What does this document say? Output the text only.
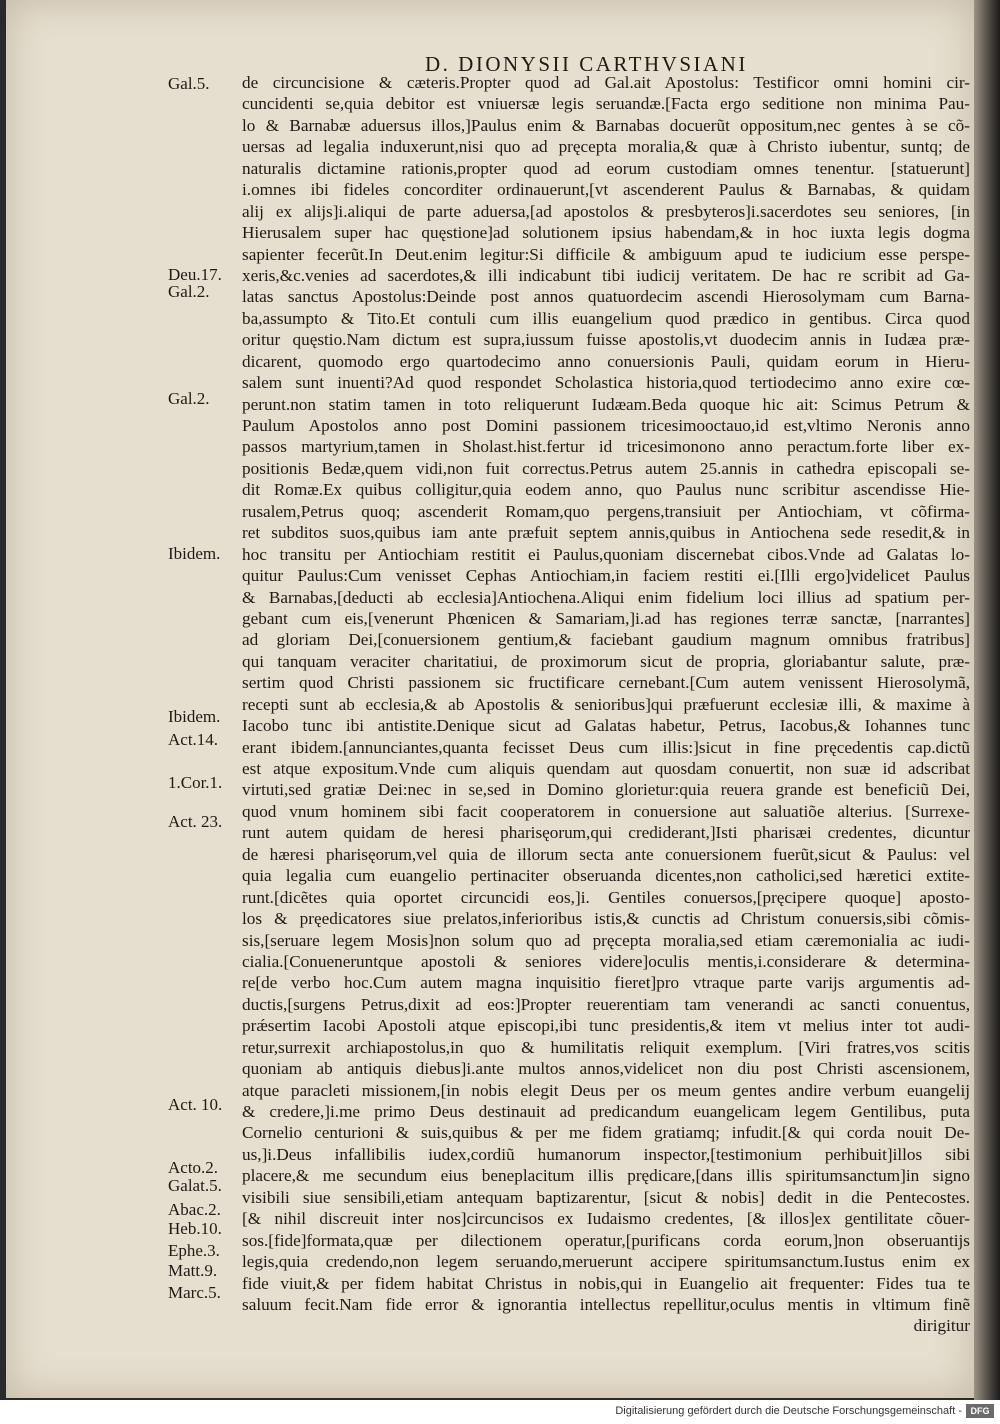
D. DIONYSII CARTHVSIANI
Gal.5.
Deu.17.
Gal.2.
Gal.2.
Ibidem.
Ibidem.
Act.14.
1.Cor.1.
Act. 23.
Act. 10.
Acto.2.
Galat.5.
Abac.2.
Heb.10.
Ephe.3.
Matt.9.
Marc.5.
de circuncisione & cæteris.Propter quod ad Gal.ait Apostolus: Testificor omni homini cir-
cuncidenti se,quia debitor est vniuersæ legis seruandæ.[Facta ergo seditione non minima Pau-
lo & Barnabæ aduersus illos,]Paulus enim & Barnabas docuerũt oppositum,nec gentes à se cõ-
uersas ad legalia induxerunt,nisi quo ad pręcepta moralia,& quæ à Christo iubentur, suntq; de
naturalis dictamine rationis,propter quod ad eorum custodiam omnes tenentur. [statuerunt]
i.omnes ibi fideles concorditer ordinauerunt,[vt ascenderent Paulus & Barnabas, & quidam
alij ex alijs]i.aliqui de parte aduersa,[ad apostolos & presbyteros]i.sacerdotes seu seniores, [in
Hierusalem super hac quęstione]ad solutionem ipsius habendam,& in hoc iuxta legis dogma
sapienter fecerũt.In Deut.enim legitur:Si difficile & ambiguum apud te iudicium esse perspe-
xeris,&c.venies ad sacerdotes,& illi indicabunt tibi iudicij veritatem. De hac re scribit ad Ga-
latas sanctus Apostolus:Deinde post annos quatuordecim ascendi Hierosolymam cum Barna-
ba,assumpto & Tito.Et contuli cum illis euangelium quod prædico in gentibus. Circa quod
oritur quęstio.Nam dictum est supra,iussum fuisse apostolis,vt duodecim annis in Iudæa præ-
dicarent, quomodo ergo quartodecimo anno conuersionis Pauli, quidam eorum in Hieru-
salem sunt inuenti?Ad quod respondet Scholastica historia,quod tertiodecimo anno exire cœ-
perunt.non statim tamen in toto reliquerunt Iudæam.Beda quoque hic ait: Scimus Petrum &
Paulum Apostolos anno post Domini passionem tricesimooctauo,id est,vltimo Neronis anno
passos martyrium,tamen in Sholast.hist.fertur id tricesimonono anno peractum.forte liber ex-
positionis Bedæ,quem vidi,non fuit correctus.Petrus autem 25.annis in cathedra episcopali se-
dit Romæ.Ex quibus colligitur,quia eodem anno, quo Paulus nunc scribitur ascendisse Hie-
rusalem,Petrus quoq; ascenderit Romam,quo pergens,transiuit per Antiochiam, vt cõfirma-
ret subditos suos,quibus iam ante præfuit septem annis,quibus in Antiochena sede resedit,& in
hoc transitu per Antiochiam restitit ei Paulus,quoniam discernebat cibos.Vnde ad Galatas lo-
quitur Paulus:Cum venisset Cephas Antiochiam,in faciem restiti ei.[Illi ergo]videlicet Paulus
& Barnabas,[deducti ab ecclesia]Antiochena.Aliqui enim fidelium loci illius ad spatium per-
gebant cum eis,[venerunt Phœnicen & Samariam,]i.ad has regiones terræ sanctæ, [narrantes]
ad gloriam Dei,[conuersionem gentium,& faciebant gaudium magnum omnibus fratribus]
qui tanquam veraciter charitatiui, de proximorum sicut de propria, gloriabantur salute, præ-
sertim quod Christi passionem sic fructificare cernebant.[Cum autem venissent Hierosolymã,
recepti sunt ab ecclesia,& ab Apostolis & senioribus]qui præfuerunt ecclesiæ illi, & maxime à
Iacobo tunc ibi antistite.Denique sicut ad Galatas habetur, Petrus, Iacobus,& Iohannes tunc
erant ibidem.[annunciantes,quanta fecisset Deus cum illis:]sicut in fine pręcedentis cap.dictũ
est atque expositum.Vnde cum aliquis quendam aut quosdam conuertit, non suæ id adscribat
virtuti,sed gratiæ Dei:nec in se,sed in Domino glorietur:quia reuera grande est beneficiũ Dei,
quod vnum hominem sibi facit cooperatorem in conuersione aut saluatiõe alterius. [Surrexe-
runt autem quidam de heresi pharisęorum,qui crediderant,]Isti pharisæi credentes, dicuntur
de hæresi pharisęorum,vel quia de illorum secta ante conuersionem fuerũt,sicut & Paulus: vel
quia legalia cum euangelio pertinaciter obseruanda dicentes,non catholici,sed hæretici extite-
runt.[dicẽtes quia oportet circuncidi eos,]i. Gentiles conuersos,[pręcipere quoque] aposto-
los & pręedicatores siue prelatos,inferioribus istis,& cunctis ad Christum conuersis,sibi cõmis-
sis,[seruare legem Mosis]non solum quo ad pręcepta moralia,sed etiam cæremonialia ac iudi-
cialia.[Conueneruntque apostoli & seniores videre]oculis mentis,i.considerare & determina-
re[de verbo hoc.Cum autem magna inquisitio fieret]pro vtraque parte varijs argumentis ad-
ductis,[surgens Petrus,dixit ad eos:]Propter reuerentiam tam venerandi ac sancti conuentus,
prǽsertim Iacobi Apostoli atque episcopi,ibi tunc presidentis,& item vt melius inter tot audi-
retur,surrexit archiapostolus,in quo & humilitatis reliquit exemplum. [Viri fratres,vos scitis
quoniam ab antiquis diebus]i.ante multos annos,videlicet non diu post Christi ascensionem,
atque paracleti missionem,[in nobis elegit Deus per os meum gentes andire verbum euangelij
& credere,]i.me primo Deus destinauit ad predicandum euangelicam legem Gentilibus, puta
Cornelio centurioni & suis,quibus & per me fidem gratiamq; infudit.[& qui corda nouit De-
us,]i.Deus infallibilis iudex,cordiũ humanorum inspector,[testimonium perhibuit]illos sibi
placere,& me secundum eius beneplacitum illis prędicare,[dans illis spiritumsanctum]in signo
visibili siue sensibili,etiam antequam baptizarentur, [sicut & nobis] dedit in die Pentecostes.
[& nihil discreuit inter nos]circuncisos ex Iudaismo credentes, [& illos]ex gentilitate cõuer-
sos.[fide]formata,quæ per dilectionem operatur,[purificans corda eorum,]non obseruantijs
legis,quia credendo,non legem seruando,meruerunt accipere spiritumsanctum.Iustus enim ex
fide viuit,& per fidem habitat Christus in nobis,qui in Euangelio ait frequenter: Fides tua te
saluum fecit.Nam fide error & ignorantia intellectus repellitur,oculus mentis in vltimum finẽ
dirigitur
Digitalisierung gefördert durch die Deutsche Forschungsgemeinschaft - DFG
